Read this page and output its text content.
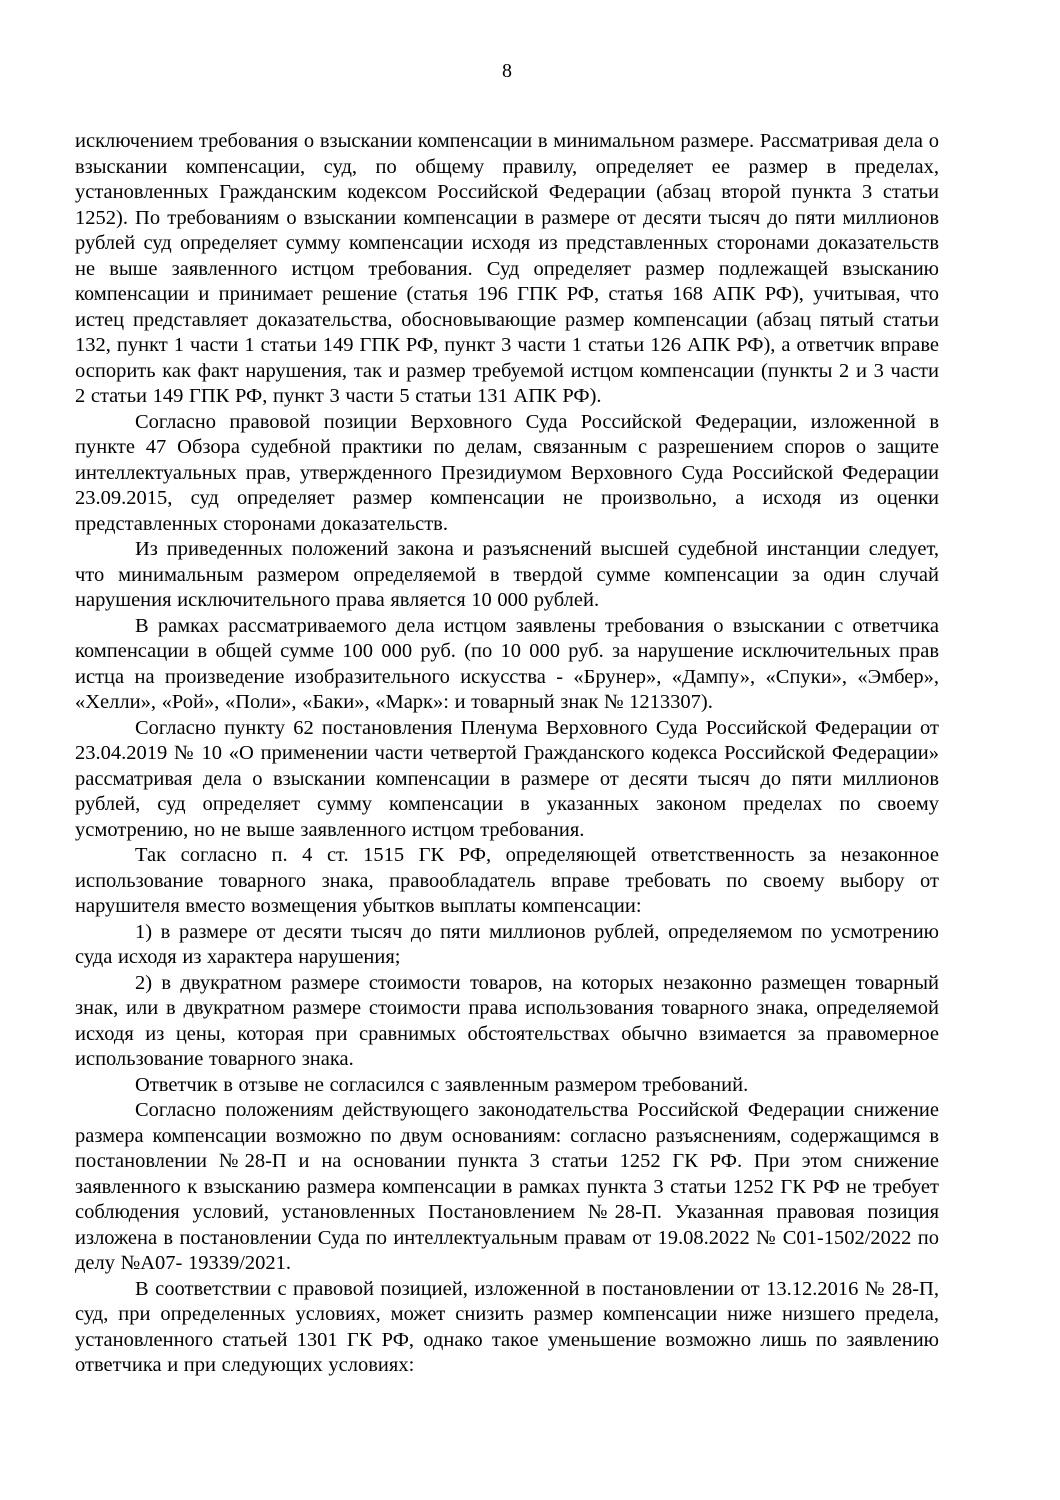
8

исключением требования о взыскании компенсации в минимальном размере. Рассматривая дела о взыскании компенсации, суд, по общему правилу, определяет ее размер в пределах, установленных Гражданским кодексом Российской Федерации (абзац второй пункта 3 статьи 1252). По требованиям о взыскании компенсации в размере от десяти тысяч до пяти миллионов рублей суд определяет сумму компенсации исходя из представленных сторонами доказательств не выше заявленного истцом требования. Суд определяет размер подлежащей взысканию компенсации и принимает решение (статья 196 ГПК РФ, статья 168 АПК РФ), учитывая, что истец представляет доказательства, обосновывающие размер компенсации (абзац пятый статьи 132, пункт 1 части 1 статьи 149 ГПК РФ, пункт 3 части 1 статьи 126 АПК РФ), а ответчик вправе оспорить как факт нарушения, так и размер требуемой истцом компенсации (пункты 2 и 3 части 2 статьи 149 ГПК РФ, пункт 3 части 5 статьи 131 АПК РФ).

Согласно правовой позиции Верховного Суда Российской Федерации, изложенной в пункте 47 Обзора судебной практики по делам, связанным с разрешением споров о защите интеллектуальных прав, утвержденного Президиумом Верховного Суда Российской Федерации 23.09.2015, суд определяет размер компенсации не произвольно, а исходя из оценки представленных сторонами доказательств.

Из приведенных положений закона и разъяснений высшей судебной инстанции следует, что минимальным размером определяемой в твердой сумме компенсации за один случай нарушения исключительного права является 10 000 рублей.

В рамках рассматриваемого дела истцом заявлены требования о взыскании с ответчика компенсации в общей сумме 100 000 руб. (по 10 000 руб. за нарушение исключительных прав истца на произведение изобразительного искусства - «Брунер», «Дампу», «Спуки», «Эмбер», «Хелли», «Рой», «Поли», «Баки», «Марк»: и товарный знак № 1213307).

Согласно пункту 62 постановления Пленума Верховного Суда Российской Федерации от 23.04.2019 № 10 «О применении части четвертой Гражданского кодекса Российской Федерации» рассматривая дела о взыскании компенсации в размере от десяти тысяч до пяти миллионов рублей, суд определяет сумму компенсации в указанных законом пределах по своему усмотрению, но не выше заявленного истцом требования.

Так согласно п. 4 ст. 1515 ГК РФ, определяющей ответственность за незаконное использование товарного знака, правообладатель вправе требовать по своему выбору от нарушителя вместо возмещения убытков выплаты компенсации:

1) в размере от десяти тысяч до пяти миллионов рублей, определяемом по усмотрению суда исходя из характера нарушения;

2) в двукратном размере стоимости товаров, на которых незаконно размещен товарный знак, или в двукратном размере стоимости права использования товарного знака, определяемой исходя из цены, которая при сравнимых обстоятельствах обычно взимается за правомерное использование товарного знака.

Ответчик в отзыве не согласился с заявленным размером требований.

Согласно положениям действующего законодательства Российской Федерации снижение размера компенсации возможно по двум основаниям: согласно разъяснениям, содержащимся в постановлении №28-П и на основании пункта 3 статьи 1252 ГК РФ. При этом снижение заявленного к взысканию размера компенсации в рамках пункта 3 статьи 1252 ГК РФ не требует соблюдения условий, установленных Постановлением №28-П. Указанная правовая позиция изложена в постановлении Суда по интеллектуальным правам от 19.08.2022 № С01-1502/2022 по делу №А07- 19339/2021.

В соответствии с правовой позицией, изложенной в постановлении от 13.12.2016 № 28-П, суд, при определенных условиях, может снизить размер компенсации ниже низшего предела, установленного статьей 1301 ГК РФ, однако такое уменьшение возможно лишь по заявлению ответчика и при следующих условиях:
